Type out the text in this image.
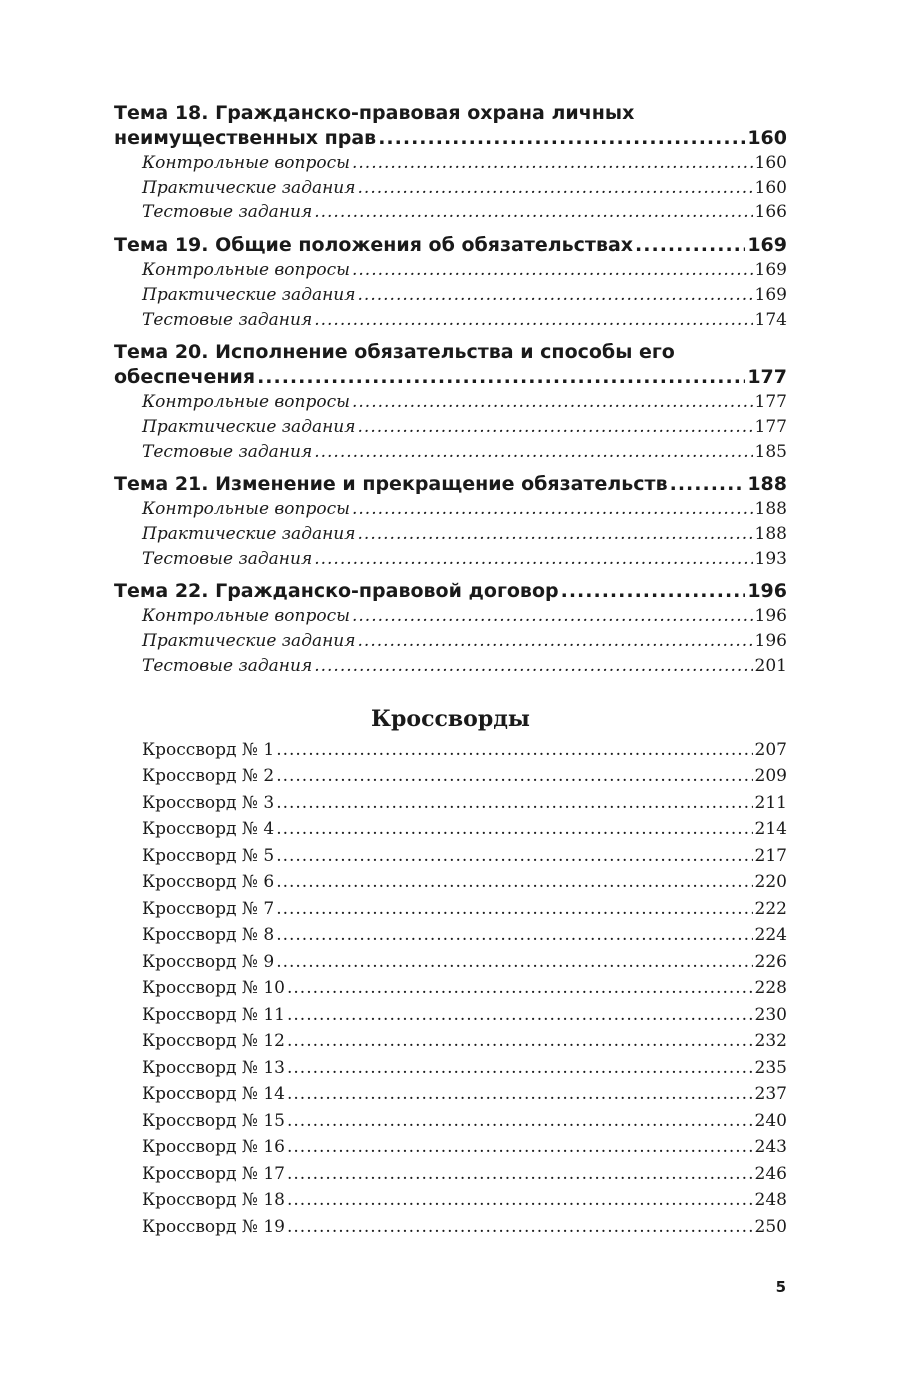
Тема 18. Гражданско-правовая охрана личных
неимущественных прав .....	160
Контрольные вопросы .....	160
Практические задания .....	160
Тестовые задания .....	166
Тема 19. Общие положения об обязательствах .....	169
Контрольные вопросы .....	169
Практические задания .....	169
Тестовые задания .....	174
Тема 20. Исполнение обязательства и способы его
обеспечения .....	177
Контрольные вопросы .....	177
Практические задания .....	177
Тестовые задания .....	185
Тема 21. Изменение и прекращение обязательств .....	188
Контрольные вопросы .....	188
Практические задания .....	188
Тестовые задания .....	193
Тема 22. Гражданско-правовой договор .....	196
Контрольные вопросы .....	196
Практические задания .....	196
Тестовые задания .....	201
Кроссворды
Кроссворд № 1 .....	207
Кроссворд № 2 .....	209
Кроссворд № 3 .....	211
Кроссворд № 4 .....	214
Кроссворд № 5 .....	217
Кроссворд № 6 .....	220
Кроссворд № 7 .....	222
Кроссворд № 8 .....	224
Кроссворд № 9 .....	226
Кроссворд № 10 .....	228
Кроссворд № 11 .....	230
Кроссворд № 12 .....	232
Кроссворд № 13 .....	235
Кроссворд № 14 .....	237
Кроссворд № 15 .....	240
Кроссворд № 16 .....	243
Кроссворд № 17 .....	246
Кроссворд № 18 .....	248
Кроссворд № 19 .....	250
5
